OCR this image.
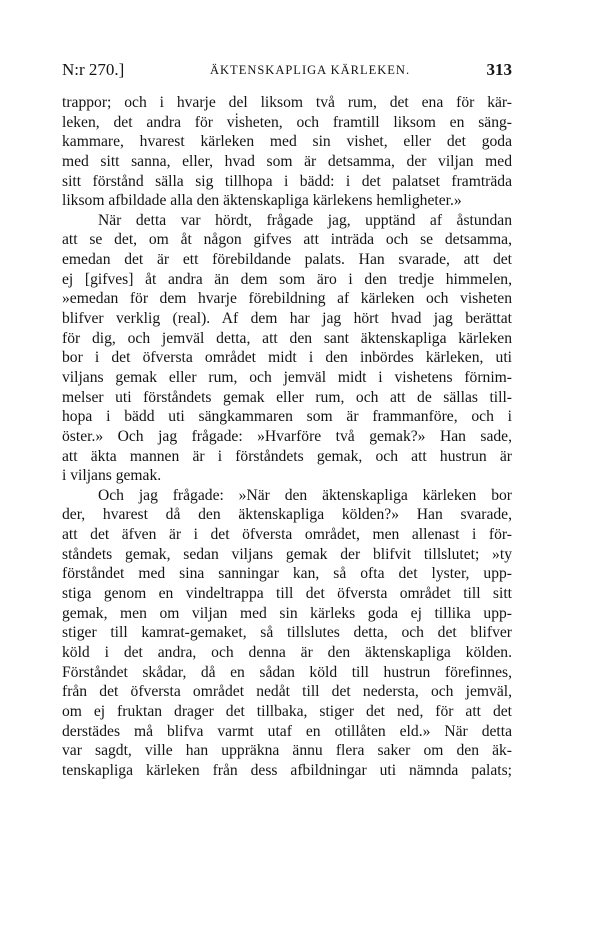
N:r 270.]	ÄKTENSKAPLIGA KÄRLEKEN.	313
trappor; och i hvarje del liksom två rum, det ena för kär-
leken, det andra för vi̇sheten, och framtill liksom en säng-
kammare, hvarest kärleken med sin vishet, eller det goda
med sitt sanna, eller, hvad som är detsamma, der viljan med
sitt förstånd sälla sig tillhopa i bädd: i det palatset framträda
liksom afbildade alla den äktenskapliga kärlekens hemligheter.»
När detta var hördt, frågade jag, upptänd af åstundan
att se det, om åt någon gifves att inträda och se detsamma,
emedan det är ett förebildande palats. Han svarade, att det
ej [gifves] åt andra än dem som äro i den tredje himmelen,
»emedan för dem hvarje förebildning af kärleken och visheten
blifver verklig (real). Af dem har jag hört hvad jag berättat
för dig, och jemväl detta, att den sant äktenskapliga kärleken
bor i det öfversta området midt i den inbördes kärleken, uti
viljans gemak eller rum, och jemväl midt i vishetens förnim-
melser uti förståndets gemak eller rum, och att de sällas till-
hopa i bädd uti sängkammaren som är frammanföre, och i
öster.» Och jag frågade: »Hvarföre två gemak?» Han sade,
att äkta mannen är i förståndets gemak, och att hustrun är
i viljans gemak.
Och jag frågade: »När den äktenskapliga kärleken bor
der, hvarest då den äktenskapliga kölden?» Han svarade,
att det äfven är i det öfversta området, men allenast i för-
ståndets gemak, sedan viljans gemak der blifvit tillslutet; »ty
förståndet med sina sanningar kan, så ofta det lyster, upp-
stiga genom en vindeltrappa till det öfversta området till sitt
gemak, men om viljan med sin kärleks goda ej tillika upp-
stiger till kamrat-gemaket, så tillslutes detta, och det blifver
köld i det andra, och denna är den äktenskapliga kölden.
Förståndet skådar, då en sådan köld till hustrun förefinnes,
från det öfversta området nedåt till det nedersta, och jemväl,
om ej fruktan drager det tillbaka, stiger det ned, för att det
derstädes må blifva varmt utaf en otillåten eld.» När detta
var sagdt, ville han uppräkna ännu flera saker om den äk-
tenskapliga kärleken från dess afbildningar uti nämnda palats;
